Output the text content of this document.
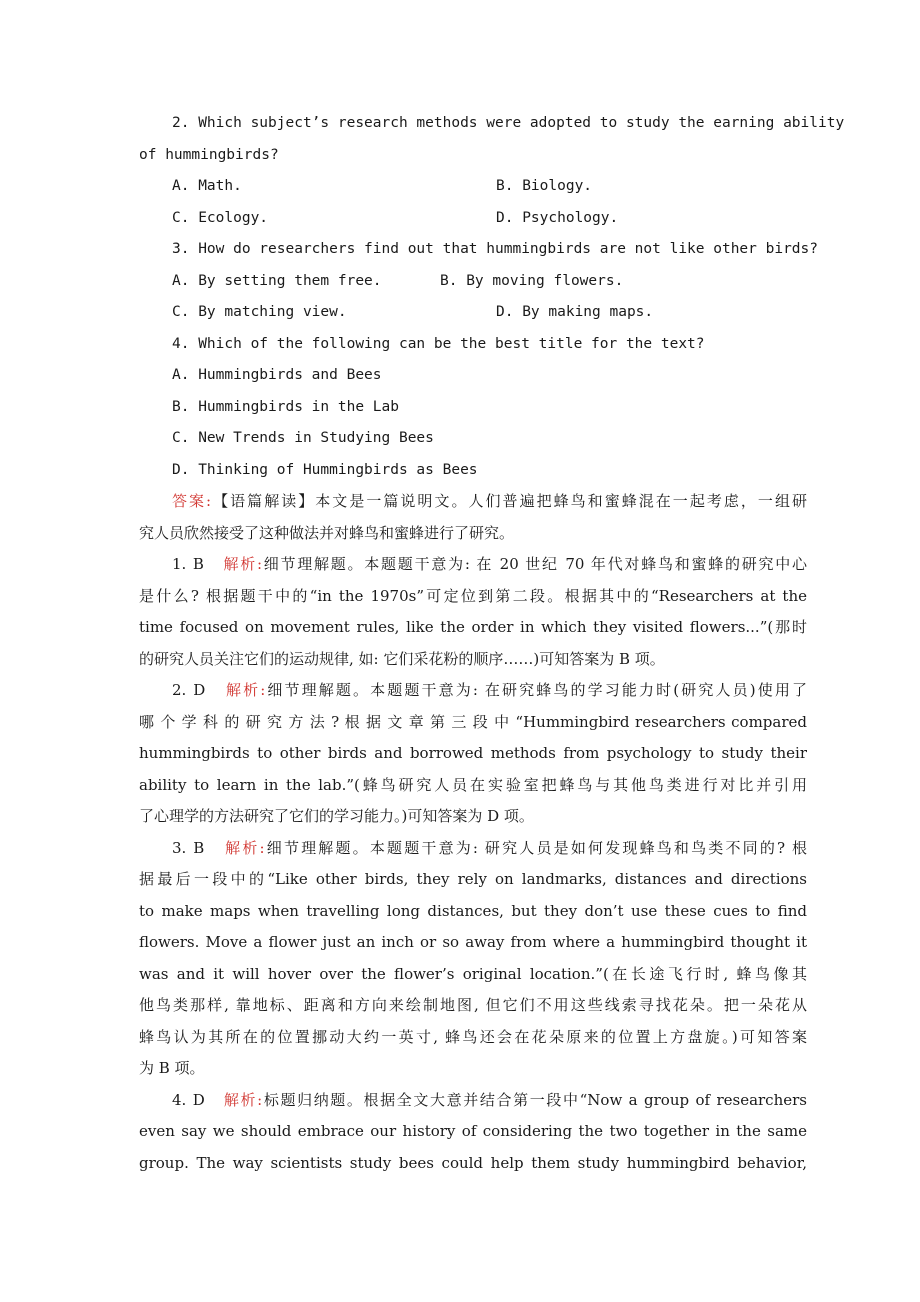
2. Which subject’s research methods were adopted to study the earning ability
of hummingbirds?
A. Math.	B. Biology.
C. Ecology.	D. Psychology.
3. How do researchers find out that hummingbirds are not like other birds?
A. By setting them free.	B. By moving flowers.
C. By matching view.	D. By making maps.
4. Which of the following can be the best title for the text?
A. Hummingbirds and Bees
B. Hummingbirds in the Lab
C. New Trends in Studying Bees
D. Thinking of Hummingbirds as Bees
答案:【语篇解读】本文是一篇说明文。人们普遍把蜂鸟和蜜蜂混在一起考虑，一组研
究人员欣然接受了这种做法并对蜂鸟和蜜蜂进行了研究。
1. B 解析:细节理解题。本题题干意为: 在 20 世纪 70 年代对蜂鸟和蜜蜂的研究中心
是什么? 根据题干中的“in the 1970s”可定位到第二段。根据其中的“Researchers at the
time focused on movement rules, like the order in which they visited flowers...”(那时
的研究人员关注它们的运动规律, 如: 它们采花粉的顺序……)可知答案为 B 项。
2. D 解析:细节理解题。本题题干意为: 在研究蜂鸟的学习能力时(研究人员)使用了
哪 个 学 科 的 研 究 方 法 ? 根 据 文 章 第 三 段 中 “Hummingbird researchers compared
hummingbirds to other birds and borrowed methods from psychology to study their
ability to learn in the lab.”(蜂鸟研究人员在实验室把蜂鸟与其他鸟类进行对比并引用
了心理学的方法研究了它们的学习能力。)可知答案为 D 项。
3. B 解析:细节理解题。本题题干意为: 研究人员是如何发现蜂鸟和鸟类不同的? 根
据最后一段中的“Like other birds, they rely on landmarks, distances and directions
to make maps when travelling long distances, but they don’t use these cues to find
flowers. Move a flower just an inch or so away from where a hummingbird thought it
was and it will hover over the flower’s original location.”(在长途飞行时, 蜂鸟像其
他鸟类那样, 靠地标、距离和方向来绘制地图, 但它们不用这些线索寻找花朵。把一朵花从
蜂鸟认为其所在的位置挪动大约一英寸, 蜂鸟还会在花朵原来的位置上方盘旋。)可知答案
为 B 项。
4. D 解析:标题归纳题。根据全文大意并结合第一段中“Now a group of researchers
even say we should embrace our history of considering the two together in the same
group. The way scientists study bees could help them study hummingbird behavior,
